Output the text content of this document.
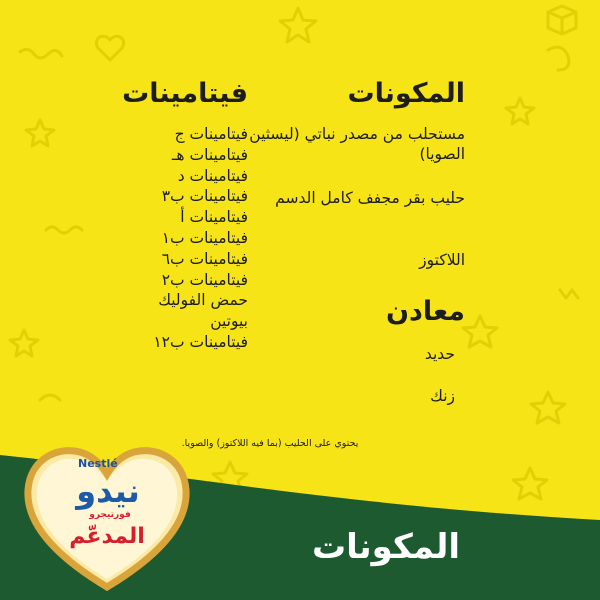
المكونات

مستحلب من مصدر نباتي (ليسثين الصويا)

حليب بقر مجفف كامل الدسم

اللاكتوز

معادن

حديد

زنك

فيتامينات

فيتامينات ج

فيتامينات هـ

فيتامينات د

فيتامينات ب٣

فيتامينات أ

فيتامينات ب١

فيتامينات ب٦

فيتامينات ب٢

حمض الفوليك

بيوتين

فيتامينات ب١٢

يحتوي على الحليب (بما فيه اللاكتوز) والصويا.

المكونات
Nestlé
نيدو
فورتيجرو
المدعّم
